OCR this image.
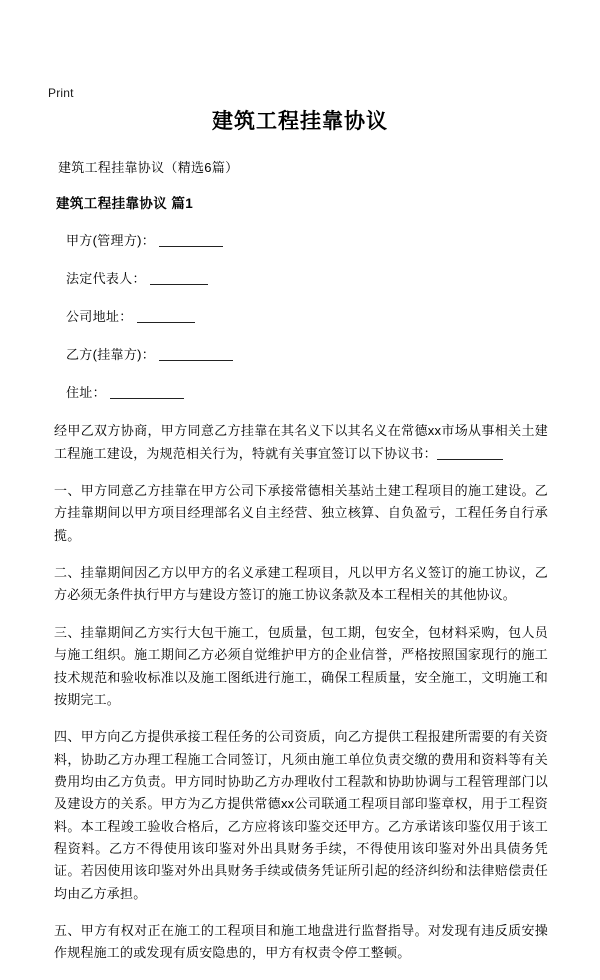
Print
建筑工程挂靠协议
建筑工程挂靠协议（精选6篇）
建筑工程挂靠协议 篇1
甲方(管理方)：
法定代表人：
公司地址：
乙方(挂靠方)：
住址：

经甲乙双方协商，甲方同意乙方挂靠在其名义下以其名义在常德xx市场从事相关土建工程施工建设，为规范相关行为，特就有关事宜签订以下协议书：

一、甲方同意乙方挂靠在甲方公司下承接常德相关基站土建工程项目的施工建设。乙方挂靠期间以甲方项目经理部名义自主经营、独立核算、自负盈亏，工程任务自行承揽。

二、挂靠期间因乙方以甲方的名义承建工程项目，凡以甲方名义签订的施工协议，乙方必须无条件执行甲方与建设方签订的施工协议条款及本工程相关的其他协议。

三、挂靠期间乙方实行大包干施工，包质量，包工期，包安全，包材料采购，包人员与施工组织。施工期间乙方必须自觉维护甲方的企业信誉，严格按照国家现行的施工技术规范和验收标准以及施工图纸进行施工，确保工程质量，安全施工，文明施工和按期完工。

四、甲方向乙方提供承接工程任务的公司资质，向乙方提供工程报建所需要的有关资料，协助乙方办理工程施工合同签订，凡须由施工单位负责交缴的费用和资料等有关费用均由乙方负责。甲方同时协助乙方办理收付工程款和协助协调与工程管理部门以及建设方的关系。甲方为乙方提供常德xx公司联通工程项目部印鉴章权，用于工程资料。本工程竣工验收合格后，乙方应将该印鉴交还甲方。乙方承诺该印鉴仅用于该工程资料。乙方不得使用该印鉴对外出具财务手续，不得使用该印鉴对外出具债务凭证。若因使用该印鉴对外出具财务手续或债务凭证所引起的经济纠纷和法律赔偿责任均由乙方承担。

五、甲方有权对正在施工的工程项目和施工地盘进行监督指导。对发现有违反质安操作规程施工的或发现有质安隐患的，甲方有权责令停工整顿。
